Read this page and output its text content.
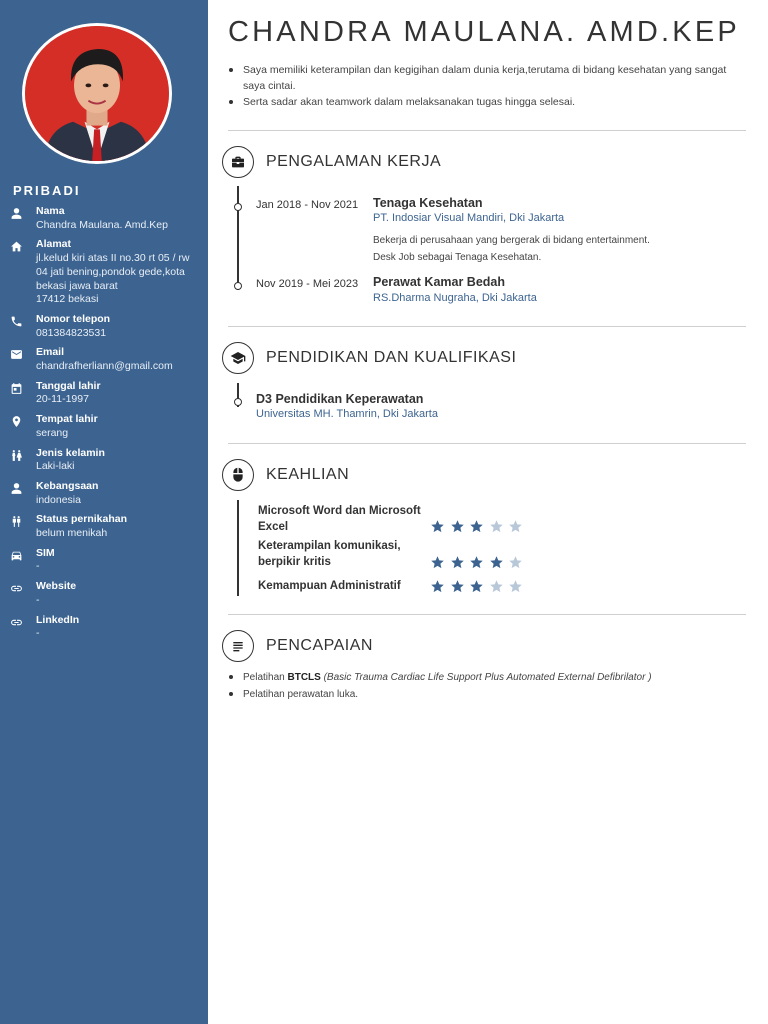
PRIBADI
Nama
Chandra Maulana. Amd.Kep
Alamat
jl.kelud kiri atas II no.30 rt 05 / rw
04 jati bening,pondok gede,kota
bekasi jawa barat
17412 bekasi
Nomor telepon
081384823531
Email
chandrafherliann@gmail.com
Tanggal lahir
20-11-1997
Tempat lahir
serang
Jenis kelamin
Laki-laki
Kebangsaan
indonesia
Status pernikahan
belum menikah
SIM
-
Website
-
LinkedIn
-
CHANDRA MAULANA. AMD.KEP
Saya memiliki keterampilan dan kegigihan dalam dunia kerja,terutama di bidang kesehatan yang sangat saya cintai.
Serta sadar akan teamwork dalam melaksanakan tugas hingga selesai.
PENGALAMAN KERJA
Jan 2018 - Nov 2021 Tenaga Kesehatan
PT. Indosiar Visual Mandiri, Dki Jakarta
Bekerja di perusahaan yang bergerak di bidang entertainment.
Desk Job sebagai Tenaga Kesehatan.
Nov 2019 - Mei 2023 Perawat Kamar Bedah
RS.Dharma Nugraha, Dki Jakarta
PENDIDIKAN DAN KUALIFIKASI
D3 Pendidikan Keperawatan
Universitas MH. Thamrin, Dki Jakarta
KEAHLIAN
Microsoft Word dan Microsoft Excel
Keterampilan komunikasi, berpikir kritis
Kemampuan Administratif
PENCAPAIAN
Pelatihan BTCLS (Basic Trauma Cardiac Life Support Plus Automated External Defibrilator )
Pelatihan perawatan luka.
